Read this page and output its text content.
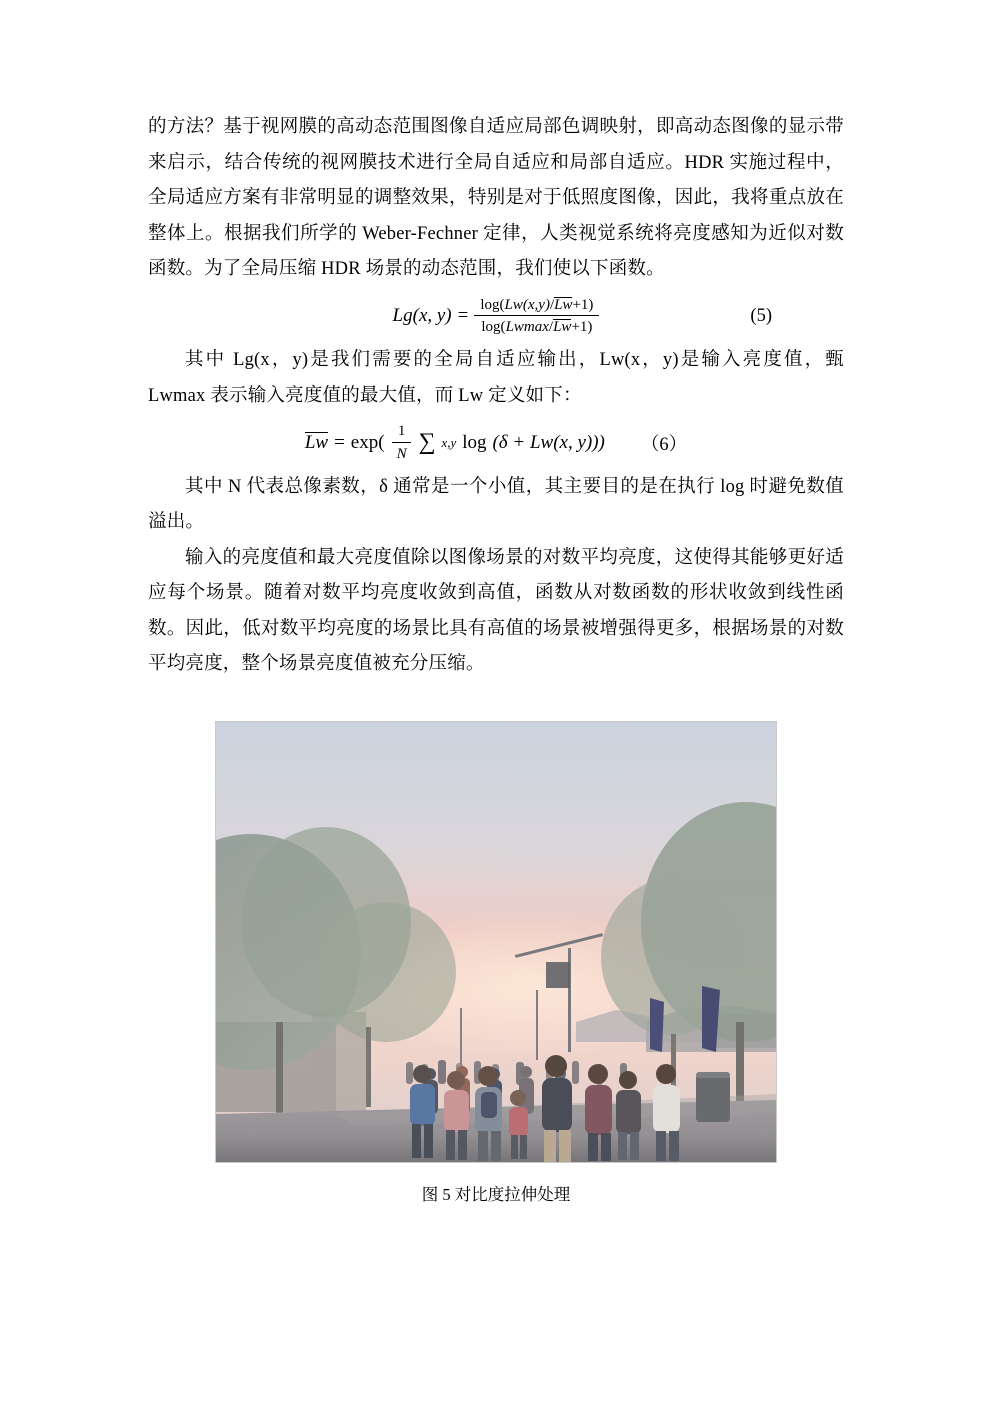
的方法？基于视网膜的高动态范围图像自适应局部色调映射，即高动态图像的显示带来启示，结合传统的视网膜技术进行全局自适应和局部自适应。HDR 实施过程中，全局适应方案有非常明显的调整效果，特别是对于低照度图像，因此，我将重点放在整体上。根据我们所学的 Weber-Fechner 定律，人类视觉系统将亮度感知为近似对数函数。为了全局压缩 HDR 场景的动态范围，我们使以下函数。

Lg(x, $y) = \frac{\log(Lw(x,y)/Lw+1)}{\log(Lwmax/Lw+1)}$	(5)

其中 Lg(x，y)是我们需要的全局自适应输出，Lw(x，y)是输入亮度值，甄 Lwmax 表示输入亮度值的最大值，而 Lw 定义如下：

$Lw = \exp( \frac{1}{N}$ ∑ x,y log (δ + Lw(x, y))) （6）

其中 N 代表总像素数，δ 通常是一个小值，其主要目的是在执行 log 时避免数值溢出。

输入的亮度值和最大亮度值除以图像场景的对数平均亮度，这使得其能够更好适应每个场景。随着对数平均亮度收敛到高值，函数从对数函数的形状收敛到线性函数。因此，低对数平均亮度的场景比具有高值的场景被增强得更多，根据场景的对数平均亮度，整个场景亮度值被充分压缩。

图 5 对比度拉伸处理
